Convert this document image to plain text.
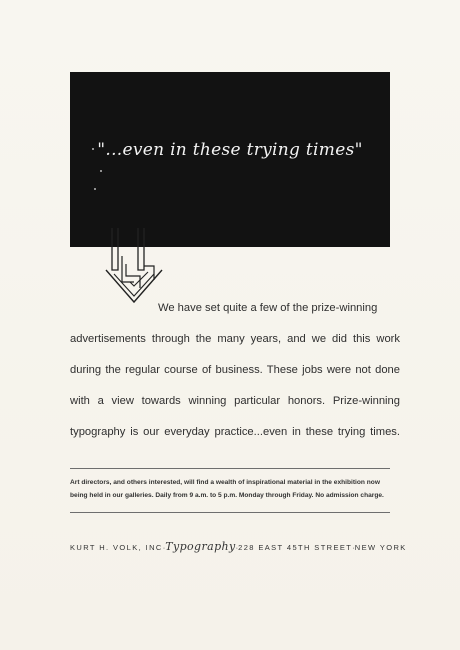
"...even in these trying times"
We have set quite a few of the prize-winning
advertisements through the many years, and we did this work
during the regular course of business. These jobs were not done
with a view towards winning particular honors. Prize-winning
typography is our everyday practice...even in these trying times.
Art directors, and others interested, will find a wealth of inspirational material in the exhibition now
being held in our galleries. Daily from 9 a.m. to 5 p.m. Monday through Friday. No admission charge.
KURT H. VOLK, INC · Typography · 228 EAST 45TH STREET · NEW YORK
